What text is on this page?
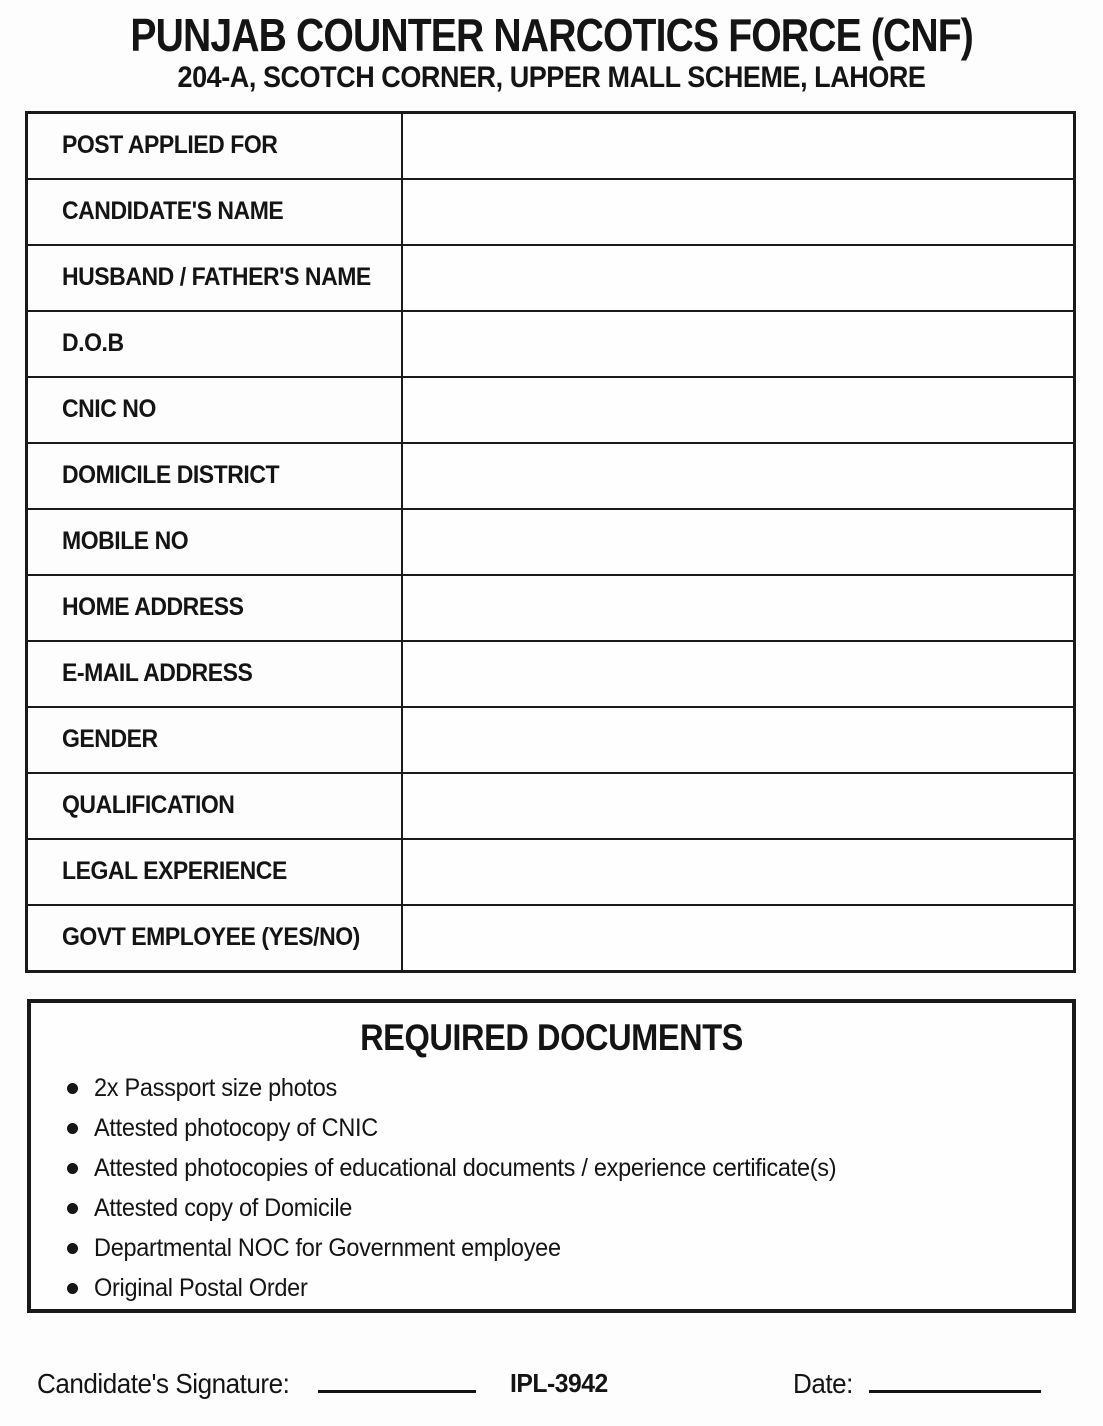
PUNJAB COUNTER NARCOTICS FORCE (CNF)
204-A, SCOTCH CORNER, UPPER MALL SCHEME, LAHORE
POST APPLIED FOR	
CANDIDATE'S NAME	
HUSBAND / FATHER'S NAME	
D.O.B	
CNIC NO	
DOMICILE DISTRICT	
MOBILE NO	
HOME ADDRESS	
E-MAIL ADDRESS	
GENDER	
QUALIFICATION	
LEGAL EXPERIENCE	
GOVT EMPLOYEE (YES/NO)	
REQUIRED DOCUMENTS
2x Passport size photos
Attested photocopy of CNIC
Attested photocopies of educational documents / experience certificate(s)
Attested copy of Domicile
Departmental NOC for Government employee
Original Postal Order
Candidate's Signature:	IPL-3942	Date:
